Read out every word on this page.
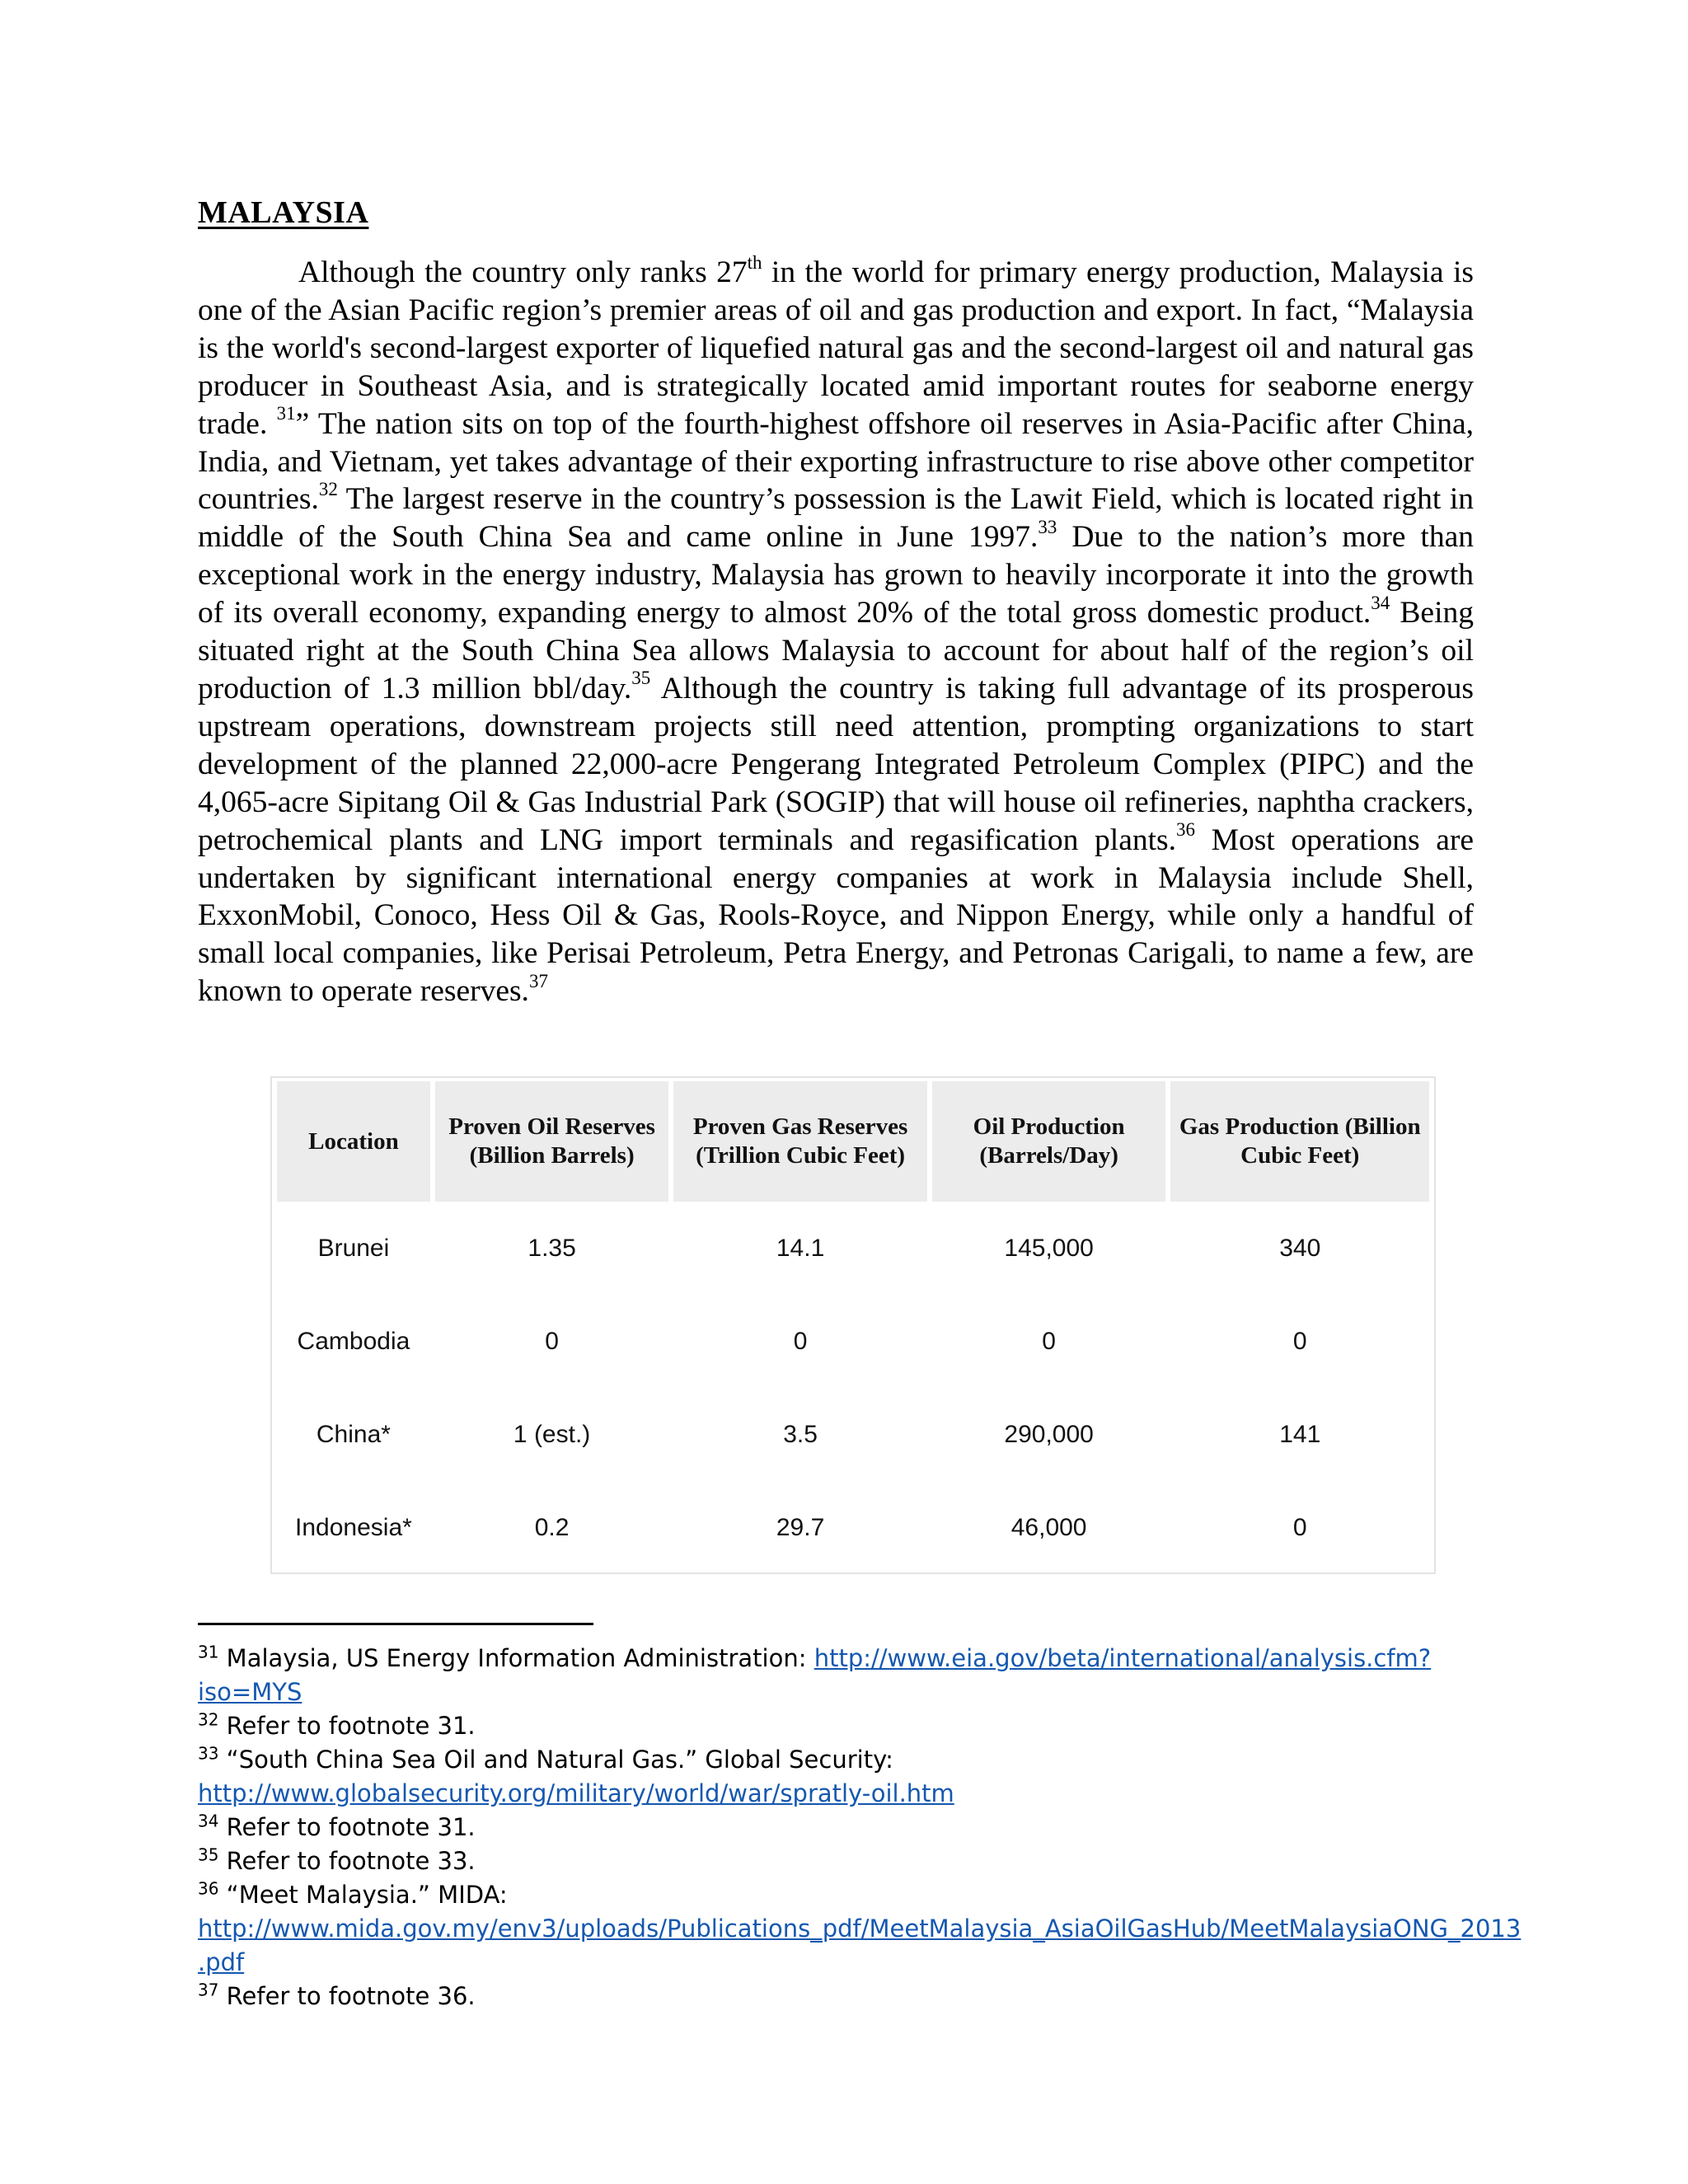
MALAYSIA

Although the country only ranks 27th in the world for primary energy production, Malaysia is one of the Asian Pacific region’s premier areas of oil and gas production and export. In fact, “Malaysia is the world's second-largest exporter of liquefied natural gas and the second-largest oil and natural gas producer in Southeast Asia, and is strategically located amid important routes for seaborne energy trade. $^{31}$” The nation sits on top of the fourth-highest offshore oil reserves in Asia-Pacific after China, India, and Vietnam, yet takes advantage of their exporting infrastructure to rise above other competitor countries.$^{32}$ The largest reserve in the country’s possession is the Lawit Field, which is located right in middle of the South China Sea and came online in June 1997.33 Due to the nation’s more than exceptional work in the energy industry, Malaysia has grown to heavily incorporate it into the growth of its overall economy, expanding energy to almost 20% of the total gross domestic product.$^{34}$ Being situated right at the South China Sea allows Malaysia to account for about half of the region’s oil production of 1.3 million bbl/day.$^{35}$ Although the country is taking full advantage of its prosperous upstream operations, downstream projects still need attention, prompting organizations to start development of the planned 22,000-acre Pengerang Integrated Petroleum Complex (PIPC) and the 4,065-acre Sipitang Oil & Gas Industrial Park (SOGIP) that will house oil refineries, naphtha crackers, petrochemical plants and LNG import terminals and regasification plants.$^{36}$ Most operations are undertaken by significant international energy companies at work in Malaysia include Shell, ExxonMobil, Conoco, Hess Oil & Gas, Rools-Royce, and Nippon Energy, while only a handful of small local companies, like Perisai Petroleum, Petra Energy, and Petronas Carigali, to name a few, are known to operate reserves.$^{37}$

Location	Proven Oil Reserves (Billion Barrels)	Proven Gas Reserves (Trillion Cubic Feet)	Oil Production (Barrels/Day)	Gas Production (Billion Cubic Feet)
Brunei	1.35	14.1	145,000	340
Cambodia	0	0	0	0
China*	1 (est.)	3.5	290,000	141
Indonesia*	0.2	29.7	46,000	0

$^{31}$ Malaysia, US Energy Information Administration: http://www.eia.gov/beta/international/analysis.cfm?iso=MYS

$^{32}$ Refer to footnote 31.

$^{33}$ “South China Sea Oil and Natural Gas.” Global Security:
http://www.globalsecurity.org/military/world/war/spratly-oil.htm

$^{34}$ Refer to footnote 31.

$^{35}$ Refer to footnote 33.

$^{36}$ “Meet Malaysia.” MIDA:
http://www.mida.gov.my/env3/uploads/Publications_pdf/MeetMalaysia_AsiaOilGasHub/MeetMalaysiaONG_2013
.pdf

$^{37}$ Refer to footnote 36.
